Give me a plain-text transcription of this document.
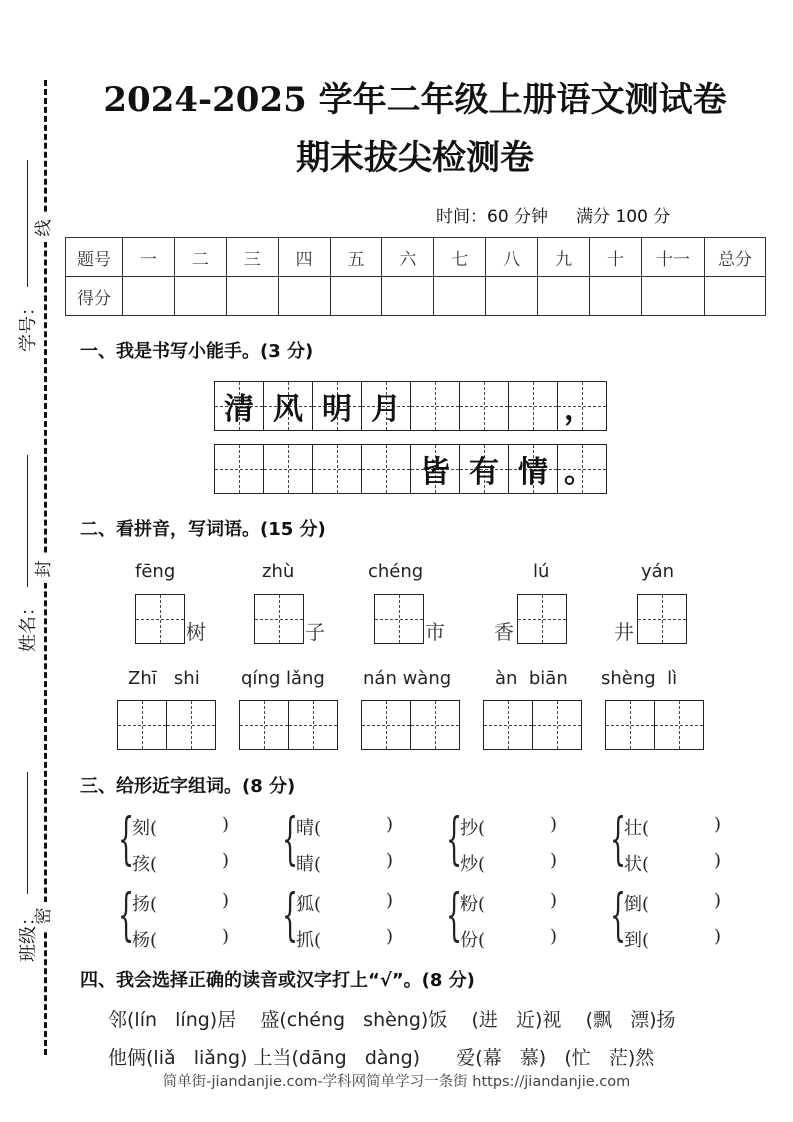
线
封
密
学号：
姓名：
班级：
2024-2025 学年二年级上册语文测试卷
期末拔尖检测卷
时间：60 分钟 满分 100 分
题号	一	二	三	四	五	六	七	八	九	十	十一	总分
得分												
一、我是书写小能手。(3 分)
清 风 明 月	，
皆 有 情 。
二、看拼音，写词语。(15 分)
fēng
树
zhù
子
chéng
市
lú
香
yán
井
Zhī   shi qíng lǎng nán wàng àn  biān shèng  lì
三、给形近字组词。(8 分)
{
刻(	)
孩(	) {
晴(	)
睛(	) {
抄(	)
炒(	) {
壮(	)
状(	)
{
扬(	)
杨(	) {
狐(	)
抓(	) {
粉(	)
份(	) {
倒(	)
到(	)
四、我会选择正确的读音或汉字打上“√”。(8 分)
邻(lín   líng)居    盛(chéng   shèng)饭    (进   近)视    (飘   漂)扬
他俩(liǎ   liǎng) 上当(dāng   dàng)      爱(幕   慕)   (忙   茫)然
简单街-jiandanjie.com-学科网简单学习一条街 https://jiandanjie.com
